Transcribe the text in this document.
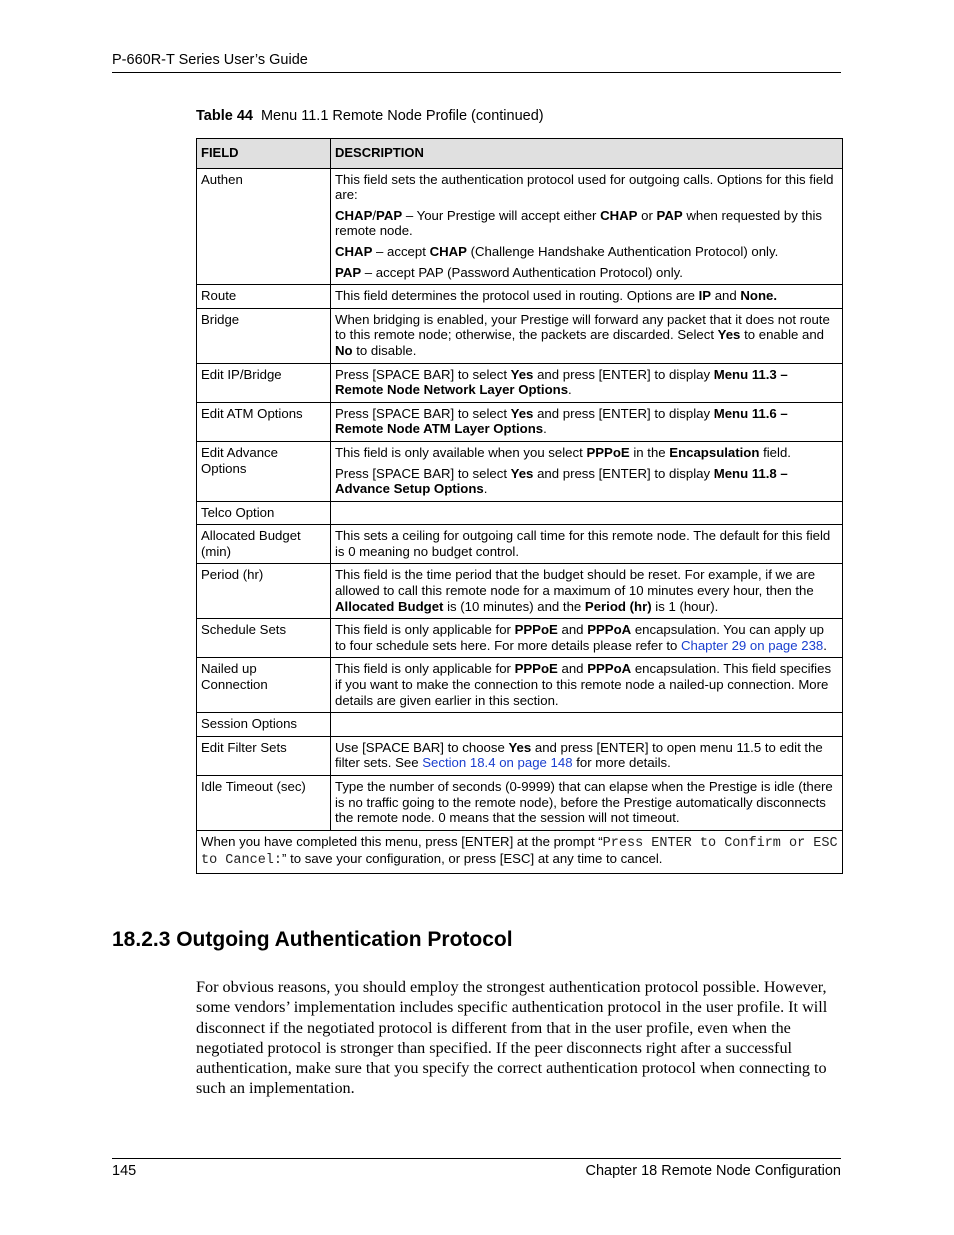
P-660R-T Series User’s Guide
Table 44 Menu 11.1 Remote Node Profile (continued)
FIELD	DESCRIPTION
Authen	This field sets the authentication protocol used for outgoing calls. Options for this field are:
CHAP/PAP – Your Prestige will accept either CHAP or PAP when requested by this remote node.
CHAP – accept CHAP (Challenge Handshake Authentication Protocol) only.
PAP – accept PAP (Password Authentication Protocol) only.

Route	This field determines the protocol used in routing. Options are IP and None.

Bridge	When bridging is enabled, your Prestige will forward any packet that it does not route to this remote node; otherwise, the packets are discarded. Select Yes to enable and No to disable.

Edit IP/Bridge	Press [SPACE BAR] to select Yes and press [ENTER] to display Menu 11.3 – Remote Node Network Layer Options.

Edit ATM Options	Press [SPACE BAR] to select Yes and press [ENTER] to display Menu 11.6 – Remote Node ATM Layer Options.

Edit Advance Options	This field is only available when you select PPPoE in the Encapsulation field.
Press [SPACE BAR] to select Yes and press [ENTER] to display Menu 11.8 – Advance Setup Options.

Telco Option	
Allocated Budget (min)	This sets a ceiling for outgoing call time for this remote node. The default for this field is 0 meaning no budget control.

Period (hr)	This field is the time period that the budget should be reset. For example, if we are allowed to call this remote node for a maximum of 10 minutes every hour, then the Allocated Budget is (10 minutes) and the Period (hr) is 1 (hour).

Schedule Sets	This field is only applicable for PPPoE and PPPoA encapsulation. You can apply up to four schedule sets here. For more details please refer to Chapter 29 on page 238.

Nailed up Connection	This field is only applicable for PPPoE and PPPoA encapsulation. This field specifies if you want to make the connection to this remote node a nailed-up connection. More details are given earlier in this section.

Session Options	
Edit Filter Sets	Use [SPACE BAR] to choose Yes and press [ENTER] to open menu 11.5 to edit the filter sets. See Section 18.4 on page 148 for more details.

Idle Timeout (sec)	Type the number of seconds (0-9999) that can elapse when the Prestige is idle (there is no traffic going to the remote node), before the Prestige automatically disconnects the remote node. 0 means that the session will not timeout.

When you have completed this menu, press [ENTER] at the prompt “Press ENTER to Confirm or ESC to Cancel:” to save your configuration, or press [ESC] at any time to cancel.	
18.2.3 Outgoing Authentication Protocol
For obvious reasons, you should employ the strongest authentication protocol possible. However, some vendors’ implementation includes specific authentication protocol in the user profile. It will disconnect if the negotiated protocol is different from that in the user profile, even when the negotiated protocol is stronger than specified. If the peer disconnects right after a successful authentication, make sure that you specify the correct authentication protocol when connecting to such an implementation.
145	Chapter 18 Remote Node Configuration
